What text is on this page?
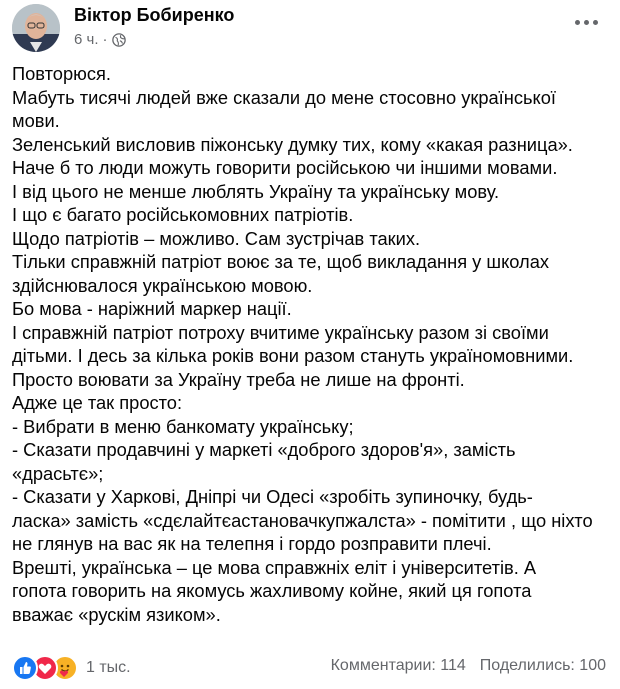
Віктор Бобиренко
6 ч. ·
Повторюся.
Мабуть тисячі людей вже сказали до мене стосовно української
мови.
Зеленський висловив піжонську думку тих, кому «какая разница».
Наче б то люди можуть говорити російською чи іншими мовами.
І від цього не менше люблять Україну та українську мову.
І що є багато російськомовних патріотів.
Щодо патріотів – можливо. Сам зустрічав таких.
Тільки справжній патріот воює за те, щоб викладання у школах
здійснювалося українською мовою.
Бо мова - наріжний маркер нації.
І справжній патріот потроху вчитиме українську разом зі своїми
дітьми. І десь за кілька років вони разом стануть україномовними.
Просто воювати за Україну треба не лише на фронті.
Адже це так просто:
- Вибрати в меню банкомату українську;
- Сказати продавчині у маркеті «доброго здоров'я», замість
«драсьтє»;
- Сказати у Харкові, Дніпрі чи Одесі «зробіть зупиночку, будь-
ласка» замість «сдєлайтєастановачкупжалста» - помітити , що ніхто
не глянув на вас як на телепня і гордо розправити плечі.
Врешті, українська – це мова справжніх еліт і університетів. А
гопота говорить на якомусь жахливому койне, який ця гопота
вважає «рускім язиком».
1 тыс.	Комментарии: 114 Поделились: 100
